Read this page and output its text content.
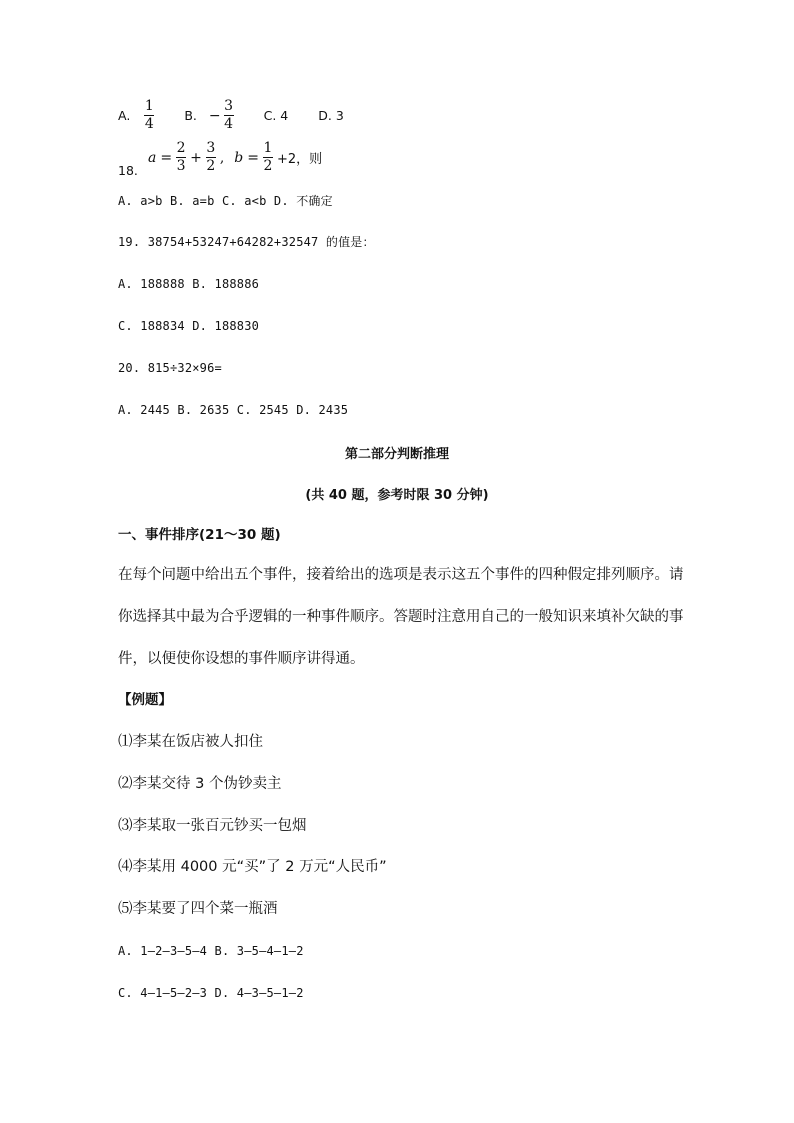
A. $\frac{1}{4} B$. − $\frac{3}{4} C$. 4 D. 3
18.
$a = \frac{2}{3} + \frac{3}{2}$ , $b = \frac{1}{2} +2$，则
A. a>b B. a=b C. a<b D. 不确定
19. 38754+53247+64282+32547 的值是：
A. 188888 B. 188886
C. 188834 D. 188830
20. 815÷32×96=
A. 2445 B. 2635 C. 2545 D. 2435
第二部分判断推理
(共 40 题，参考时限 30 分钟)
一、事件排序(21～30 题)
在每个问题中给出五个事件，接着给出的选项是表示这五个事件的四种假定排列顺序。请
你选择其中最为合乎逻辑的一种事件顺序。答题时注意用自己的一般知识来填补欠缺的事
件，以便使你设想的事件顺序讲得通。
【例题】
⑴李某在饭店被人扣住
⑵李某交待 3 个伪钞卖主
⑶李某取一张百元钞买一包烟
⑷李某用 4000 元“买”了 2 万元“人民币”
⑸李某要了四个菜一瓶酒
A. 1—2—3—5—4 B. 3—5—4—1—2
C. 4—1—5—2—3 D. 4—3—5—1—2
